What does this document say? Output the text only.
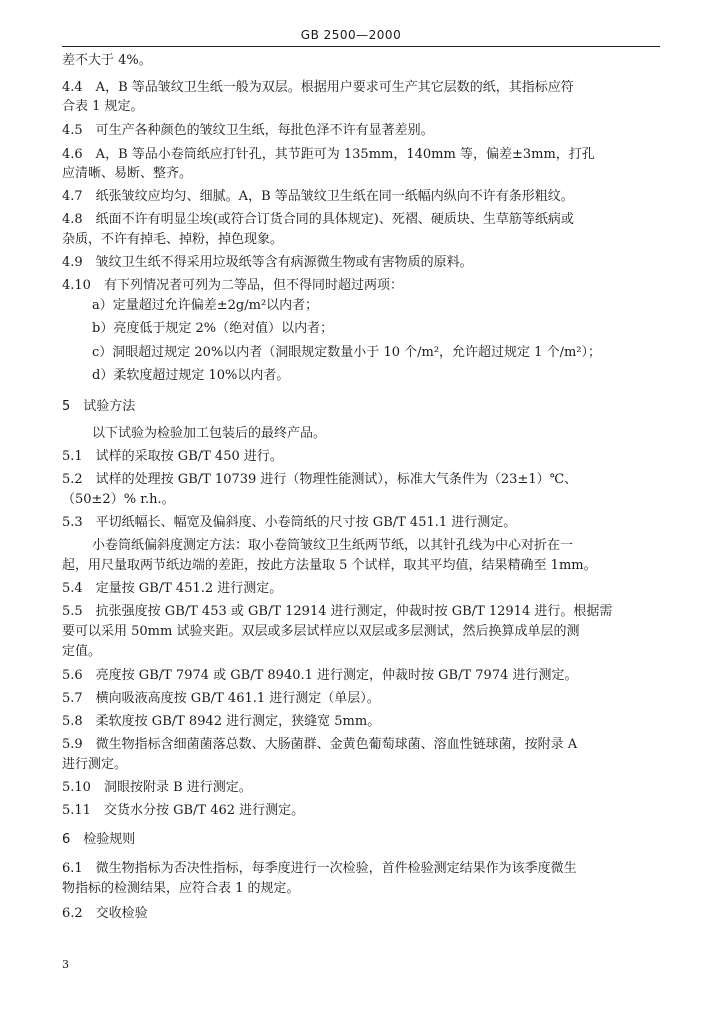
GB 2500—2000
差不大于 4%。
4.4　A，B 等品皱纹卫生纸一般为双层。根据用户要求可生产其它层数的纸，其指标应符
合表 1 规定。
4.5　可生产各种颜色的皱纹卫生纸，每批色泽不许有显著差别。
4.6　A，B 等品小卷筒纸应打针孔，其节距可为 135mm，140mm 等，偏差±3mm，打孔
应清晰、易断、整齐。
4.7　纸张皱纹应均匀、细腻。A，B 等品皱纹卫生纸在同一纸幅内纵向不许有条形粗纹。
4.8　纸面不许有明显尘埃(或符合订货合同的具体规定)、死褶、硬质块、生草筋等纸病或
杂质，不许有掉毛、掉粉，掉色现象。
4.9　皱纹卫生纸不得采用垃圾纸等含有病源微生物或有害物质的原料。
4.10　有下列情况者可列为二等品，但不得同时超过两项：
a）定量超过允许偏差±2g/m²以内者；
b）亮度低于规定 2%（绝对值）以内者；
c）洞眼超过规定 20%以内者（洞眼规定数量小于 10 个/m²，允许超过规定 1 个/m²）；
d）柔软度超过规定 10%以内者。
5　试验方法
以下试验为检验加工包装后的最终产品。
5.1　试样的采取按 GB/T 450 进行。
5.2　试样的处理按 GB/T 10739 进行（物理性能测试），标准大气条件为（23±1）℃、
（50±2）% r.h.。
5.3　平切纸幅长、幅宽及偏斜度、小卷筒纸的尺寸按 GB/T 451.1 进行测定。
小卷筒纸偏斜度测定方法：取小卷筒皱纹卫生纸两节纸，以其针孔线为中心对折在一
起，用尺量取两节纸边端的差距，按此方法量取 5 个试样，取其平均值，结果精确至 1mm。
5.4　定量按 GB/T 451.2 进行测定。
5.5　抗张强度按 GB/T 453 或 GB/T 12914 进行测定，仲裁时按 GB/T 12914 进行。根据需
要可以采用 50mm 试验夹距。双层或多层试样应以双层或多层测试，然后换算成单层的测
定值。
5.6　亮度按 GB/T 7974 或 GB/T 8940.1 进行测定，仲裁时按 GB/T 7974 进行测定。
5.7　横向吸液高度按 GB/T 461.1 进行测定（单层）。
5.8　柔软度按 GB/T 8942 进行测定，狭缝宽 5mm。
5.9　微生物指标含细菌菌落总数、大肠菌群、金黄色葡萄球菌、溶血性链球菌，按附录 A
进行测定。
5.10　洞眼按附录 B 进行测定。
5.11　交货水分按 GB/T 462 进行测定。
6　检验规则
6.1　微生物指标为否决性指标，每季度进行一次检验，首件检验测定结果作为该季度微生
物指标的检测结果，应符合表 1 的规定。
6.2　交收检验
3
